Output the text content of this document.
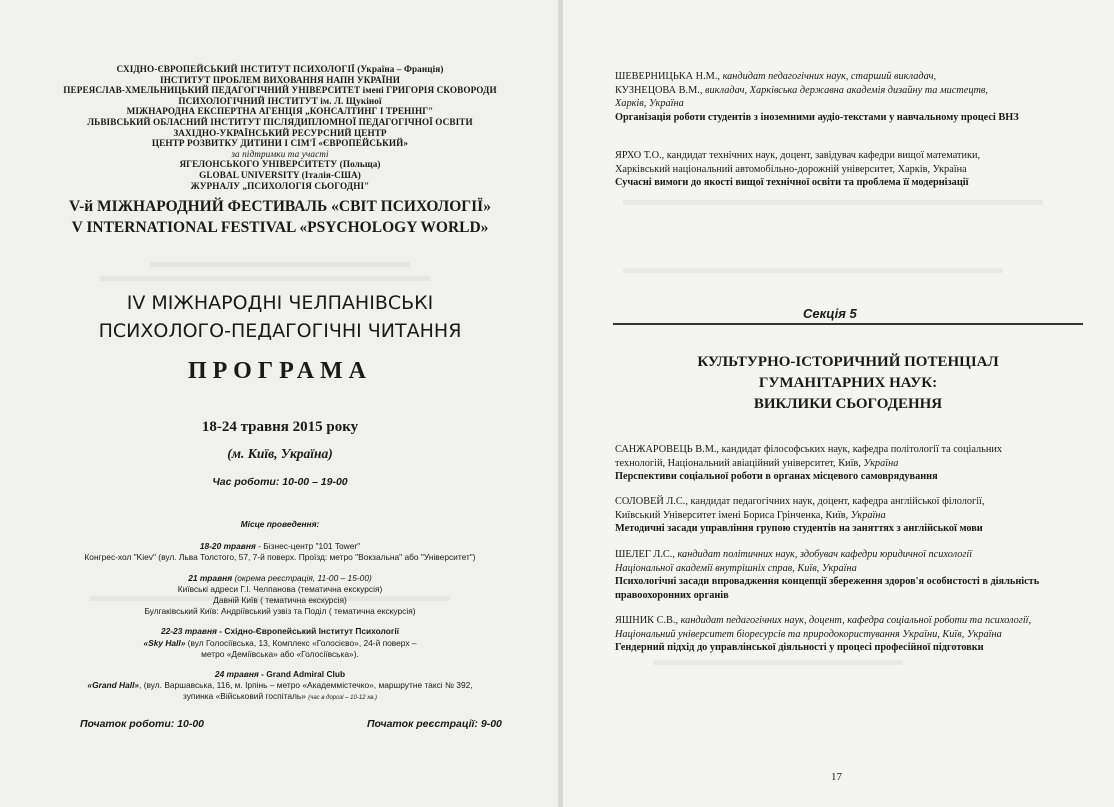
СХІДНО-ЄВРОПЕЙСЬКИЙ ІНСТИТУТ ПСИХОЛОГІЇ (Україна – Франція)
ІНСТИТУТ ПРОБЛЕМ ВИХОВАННЯ НАПН УКРАЇНИ
ПЕРЕЯСЛАВ-ХМЕЛЬНИЦЬКИЙ ПЕДАГОГІЧНИЙ УНІВЕРСИТЕТ імені ГРИГОРІЯ СКОВОРОДИ
ПСИХОЛОГІЧНИЙ ІНСТИТУТ ім. Л. Щукіної
МІЖНАРОДНА ЕКСПЕРТНА АГЕНЦІЯ „КОНСАЛТИНГ І ТРЕНІНГ"
ЛЬВІВСЬКИЙ ОБЛАСНИЙ ІНСТИТУТ ПІСЛЯДИПЛОМНОЇ ПЕДАГОГІЧНОЇ ОСВІТИ
ЗАХІДНО-УКРАЇНСЬКИЙ РЕСУРСНИЙ ЦЕНТР
ЦЕНТР РОЗВИТКУ ДИТИНИ І СІМ'Ї «ЄВРОПЕЙСЬКИЙ»
за підтримки та участі
ЯГЕЛОНСЬКОГО УНІВЕРСИТЕТУ (Польща)
GLOBAL UNIVERSITY (Італія-США)
ЖУРНАЛУ „ПСИХОЛОГІЯ СЬОГОДНІ"
V-й МІЖНАРОДНИЙ ФЕСТИВАЛЬ «СВІТ ПСИХОЛОГІЇ»
V INTERNATIONAL FESTIVAL «PSYCHOLOGY WORLD»
IV МІЖНАРОДНІ ЧЕЛПАНІВСЬКІ
ПСИХОЛОГО-ПЕДАГОГІЧНІ ЧИТАННЯ
ПРОГРАМА
18-24 травня 2015 року
(м. Київ, Україна)
Час роботи: 10-00 – 19-00
Місце проведення:
18-20 травня - Бізнес-центр "101 Tower"
Конгрес-хол "Kiev" (вул. Льва Толстого, 57, 7-й поверх. Проїзд: метро "Вокзальна" або "Університет")
21 травня (окрема реєстрація, 11-00 – 15-00)
Київські адреси Г.І. Челпанова (тематична екскурсія)
Давній Київ ( тематична екскурсія)
Булгаківський Київ: Андріївський узвіз та Поділ ( тематична екскурсія)
22-23 травня - Східно-Європейський Інститут Психології
«Sky Hall» (вул Голосіївська, 13, Комплекс «Голосієво», 24-й поверх –
метро «Деміївська» або «Голосіївська»).
24 травня - Grand Admiral Club
«Grand Hall», (вул. Варшавська, 116, м. Ірпінь – метро «Академмістечко», маршрутне таксі № 392,
зупинка «Військовий госпіталь» (час в дорозі – 10-12 хв.)
Початок роботи: 10-00	Початок реєстрації: 9-00
ШЕВЕРНИЦЬКА Н.М., кандидат педагогічних наук, старший викладач,
КУЗНЕЦОВА В.М., викладач, Харківська державна академія дизайну та мистецтв,
Харків, Україна
Організація роботи студентів з іноземними аудіо-текстами у навчальному процесі ВНЗ
ЯРХО Т.О., кандидат технічних наук, доцент, завідувач кафедри вищої математики,
Харківський національний автомобільно-дорожній університет, Харків, Україна
Сучасні вимоги до якості вищої технічної освіти та проблема її модернізації
Секція 5
КУЛЬТУРНО-ІСТОРИЧНИЙ ПОТЕНЦІАЛ
ГУМАНІТАРНИХ НАУК:
ВИКЛИКИ СЬОГОДЕННЯ
САНЖАРОВЕЦЬ В.М., кандидат філософських наук, кафедра політології та соціальних
технологій, Національний авіаційний університет, Київ, Україна
Перспективи соціальної роботи в органах місцевого самоврядування
СОЛОВЕЙ Л.С., кандидат педагогічних наук, доцент, кафедра англійської філології,
Київський Університет імені Бориса Грінченка, Київ, Україна
Методичні засади управління групою студентів на заняттях з англійської мови
ШЕЛЕГ Л.С., кандидат політичних наук, здобувач кафедри юридичної психології
Національної академії внутрішніх справ, Київ, Україна
Психологічні засади впровадження концепції збереження здоров'я особистості в діяльність правоохоронних органів
ЯШНИК С.В., кандидат педагогічних наук, доцент, кафедра соціальної роботи та психології,
Національний університет біоресурсів та природокористування України, Київ, Україна
Гендерний підхід до управлінської діяльності у процесі професійної підготовки
17
